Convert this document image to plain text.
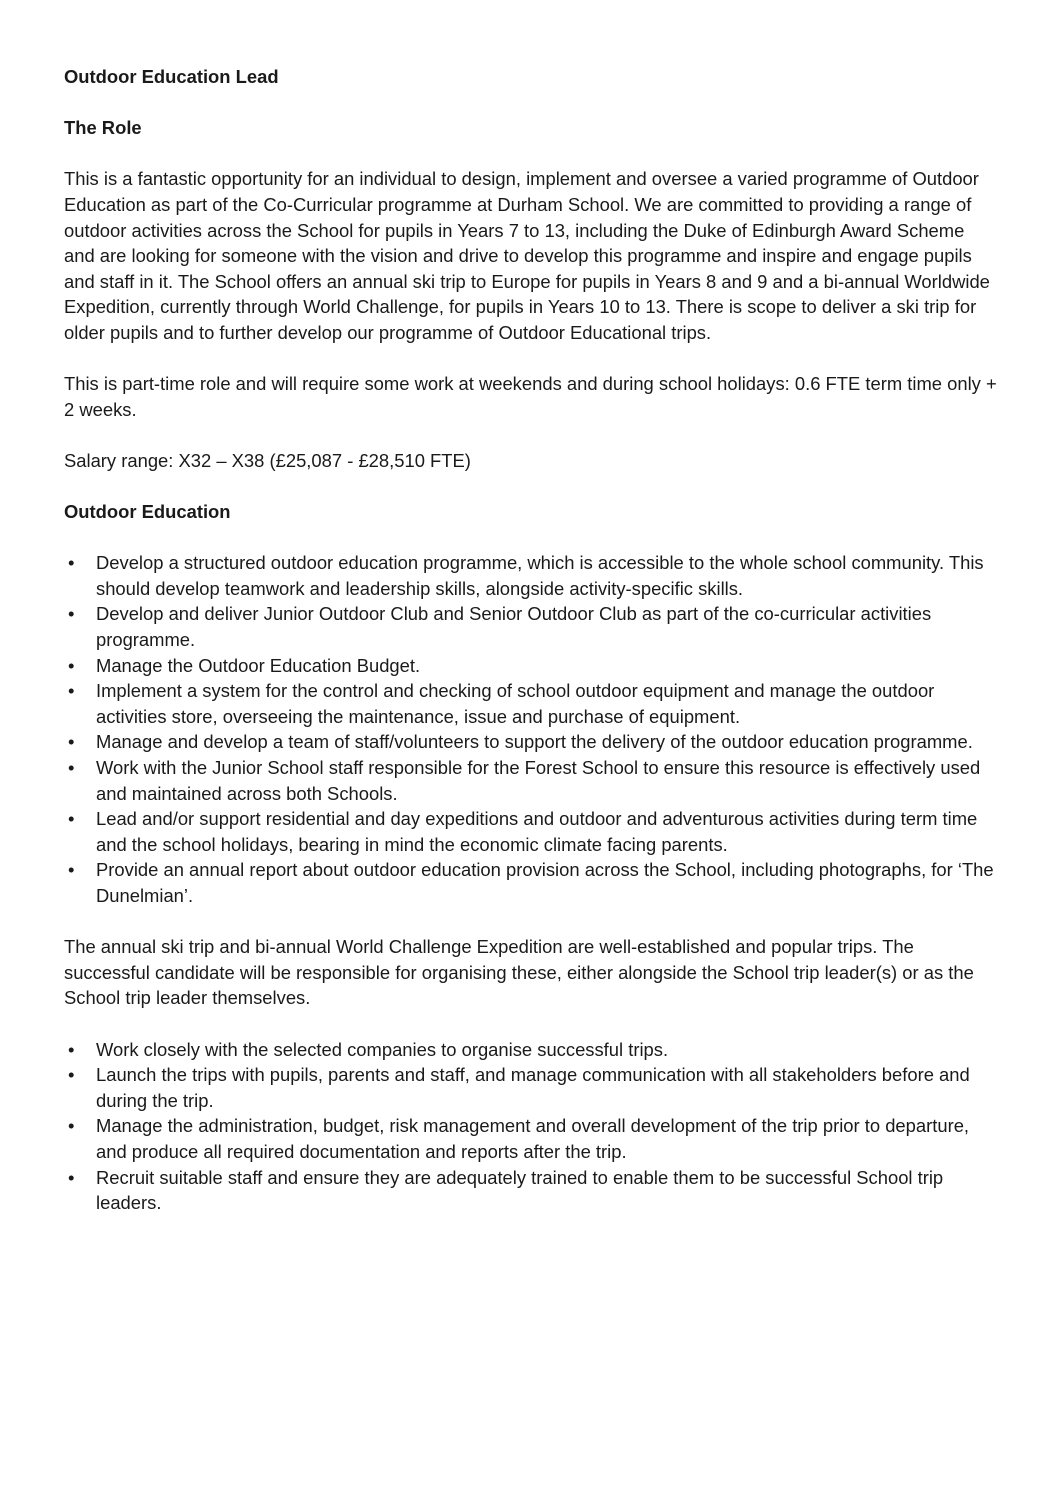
Outdoor Education Lead

The Role

This is a fantastic opportunity for an individual to design, implement and oversee a varied programme of Outdoor Education as part of the Co-Curricular programme at Durham School. We are committed to providing a range of outdoor activities across the School for pupils in Years 7 to 13, including the Duke of Edinburgh Award Scheme and are looking for someone with the vision and drive to develop this programme and inspire and engage pupils and staff in it. The School offers an annual ski trip to Europe for pupils in Years 8 and 9 and a bi-annual Worldwide Expedition, currently through World Challenge, for pupils in Years 10 to 13. There is scope to deliver a ski trip for older pupils and to further develop our programme of Outdoor Educational trips.

This is part-time role and will require some work at weekends and during school holidays: 0.6 FTE term time only + 2 weeks.

Salary range: X32 – X38 (£25,087 - £28,510 FTE)

Outdoor Education

• Develop a structured outdoor education programme, which is accessible to the whole school community. This should develop teamwork and leadership skills, alongside activity-specific skills.
• Develop and deliver Junior Outdoor Club and Senior Outdoor Club as part of the co-curricular activities programme.
• Manage the Outdoor Education Budget.
• Implement a system for the control and checking of school outdoor equipment and manage the outdoor activities store, overseeing the maintenance, issue and purchase of equipment.
• Manage and develop a team of staff/volunteers to support the delivery of the outdoor education programme.
• Work with the Junior School staff responsible for the Forest School to ensure this resource is effectively used and maintained across both Schools.
• Lead and/or support residential and day expeditions and outdoor and adventurous activities during term time and the school holidays, bearing in mind the economic climate facing parents.
• Provide an annual report about outdoor education provision across the School, including photographs, for ‘The Dunelmian’.

The annual ski trip and bi-annual World Challenge Expedition are well-established and popular trips. The successful candidate will be responsible for organising these, either alongside the School trip leader(s) or as the School trip leader themselves.

• Work closely with the selected companies to organise successful trips.
• Launch the trips with pupils, parents and staff, and manage communication with all stakeholders before and during the trip.
• Manage the administration, budget, risk management and overall development of the trip prior to departure, and produce all required documentation and reports after the trip.
• Recruit suitable staff and ensure they are adequately trained to enable them to be successful School trip leaders.
